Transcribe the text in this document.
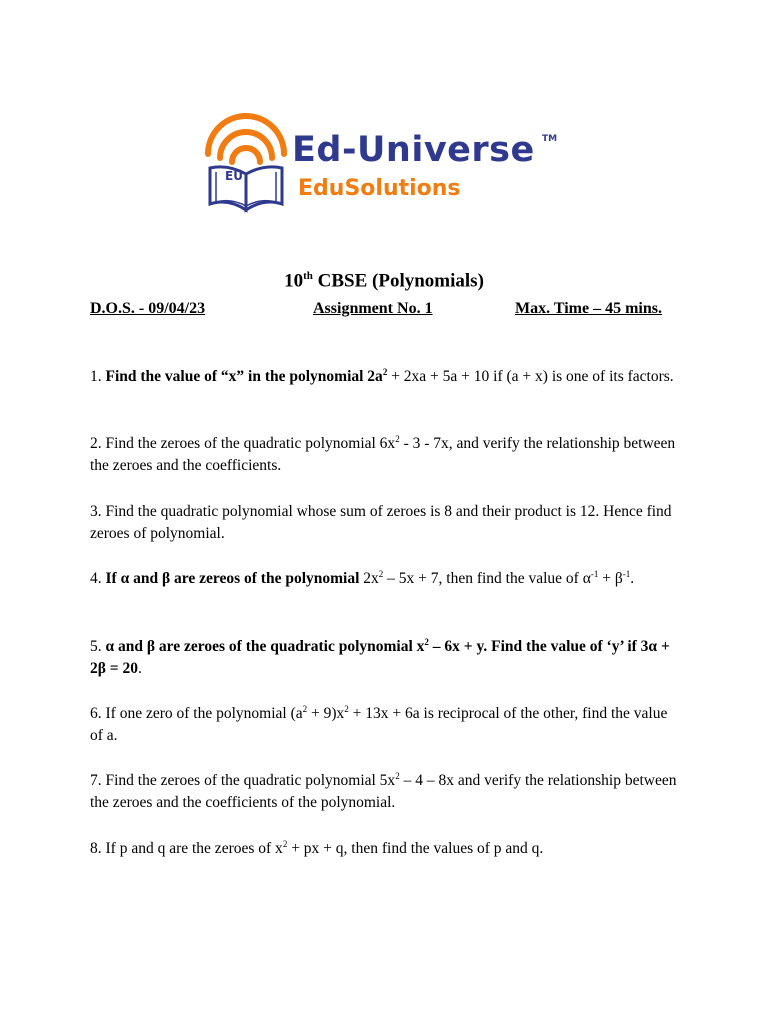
EU
Ed-Universe TM
EduSolutions
10th CBSE (Polynomials)
D.O.S. - 09/04/23	Assignment No. 1	Max. Time – 45 mins.
1. Find the value of “x” in the polynomial $2a^2 + 2xa + 5a + 10$ if (a + x) is one of its factors.
2. Find the zeroes of the quadratic polynomial $6x^2 - 3 - 7x$, and verify the relationship between the zeroes and the coefficients.
3. Find the quadratic polynomial whose sum of zeroes is 8 and their product is 12. Hence find zeroes of polynomial.
4. If α and β are zereos of the polynomial $2x^2 - 5x + 7$, then find the value of $\alpha^{-1} + \beta^{-1}$.
5. α and β are zeroes of the quadratic polynomial $x^2 - 6x + y$. Find the value of ‘y’ if 3α + 2β = 20.
6. If one zero of the polynomial $(a^2 + 9)x^2 + 13x + 6a$ is reciprocal of the other, find the value of a.
7. Find the zeroes of the quadratic polynomial $5x^2 - 4 - 8x$ and verify the relationship between the zeroes and the coefficients of the polynomial.
8. If p and q are the zeroes of $x^2$ + px + q, then find the values of p and q.
